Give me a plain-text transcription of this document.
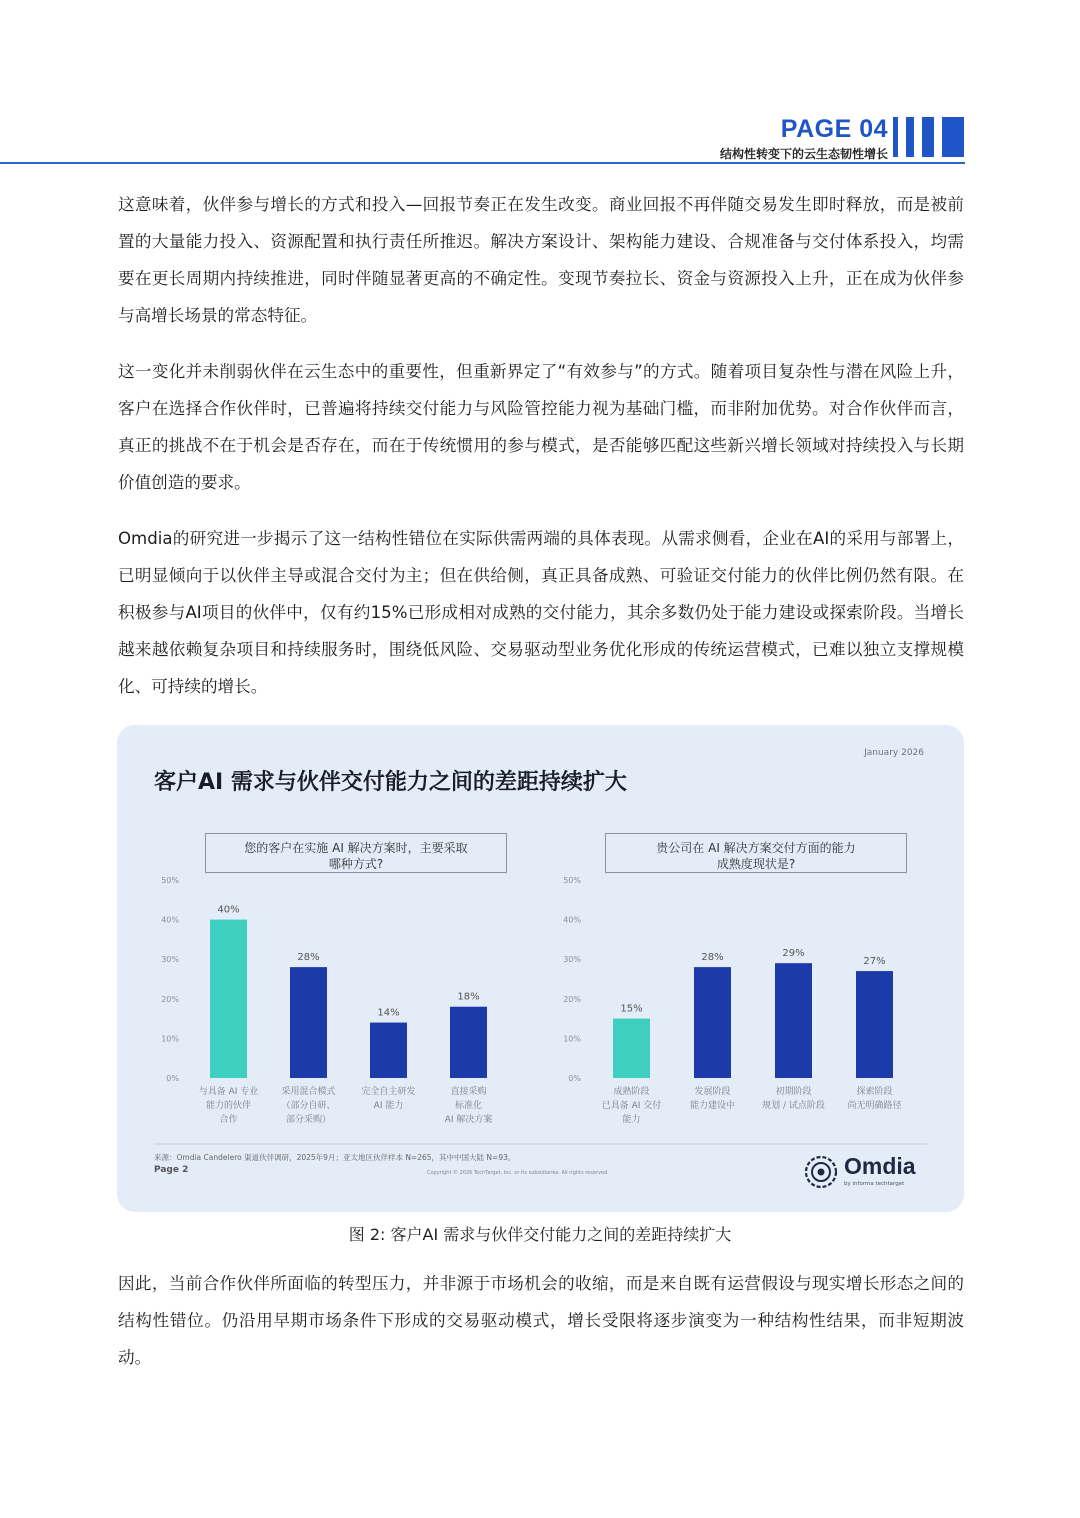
PAGE 04
结构性转变下的云生态韧性增长

这意味着，伙伴参与增长的方式和投入—回报节奏正在发生改变。商业回报不再伴随交易发生即时释放，而是被前置的大量能力投入、资源配置和执行责任所推迟。解决方案设计、架构能力建设、合规准备与交付体系投入，均需要在更长周期内持续推进，同时伴随显著更高的不确定性。变现节奏拉长、资金与资源投入上升，正在成为伙伴参与高增长场景的常态特征。

这一变化并未削弱伙伴在云生态中的重要性，但重新界定了“有效参与”的方式。随着项目复杂性与潜在风险上升，客户在选择合作伙伴时，已普遍将持续交付能力与风险管控能力视为基础门槛，而非附加优势。对合作伙伴而言，真正的挑战不在于机会是否存在，而在于传统惯用的参与模式，是否能够匹配这些新兴增长领域对持续投入与长期价值创造的要求。

Omdia的研究进一步揭示了这一结构性错位在实际供需两端的具体表现。从需求侧看，企业在AI的采用与部署上，已明显倾向于以伙伴主导或混合交付为主；但在供给侧，真正具备成熟、可验证交付能力的伙伴比例仍然有限。在积极参与AI项目的伙伴中，仅有约15%已形成相对成熟的交付能力，其余多数仍处于能力建设或探索阶段。当增长越来越依赖复杂项目和持续服务时，围绕低风险、交易驱动型业务优化形成的传统运营模式，已难以独立支撑规模化、可持续的增长。

January 2026
客户AI 需求与伙伴交付能力之间的差距持续扩大
您的客户在实施 AI 解决方案时，主要采取
哪种方式?
贵公司在 AI 解决方案交付方面的能力
成熟度现状是?
0%
10%
20%
30%
40%
50%
40%
与具备 AI 专业
能力的伙伴
合作
28%
采用混合模式
（部分自研、
部分采购）
14%
完全自主研发
AI 能力
18%
直接采购
标准化
AI 解决方案
0%
10%
20%
30%
40%
50%
15%
成熟阶段
已具备 AI 交付
能力
28%
发展阶段
能力建设中
29%
初期阶段
规划 / 试点阶段
27%
探索阶段
尚无明确路径
来源：Omdia Candelero 渠道伙伴调研，2025年9月；亚太地区伙伴样本 N=265，其中中国大陆 N=93。
Page 2	Copyright © 2026 TechTarget, Inc. or its subsidiaries. All rights reserved.	Omdia
by informa techtarget
图 2: 客户AI 需求与伙伴交付能力之间的差距持续扩大

因此，当前合作伙伴所面临的转型压力，并非源于市场机会的收缩，而是来自既有运营假设与现实增长形态之间的结构性错位。仍沿用早期市场条件下形成的交易驱动模式，增长受限将逐步演变为一种结构性结果，而非短期波动。
